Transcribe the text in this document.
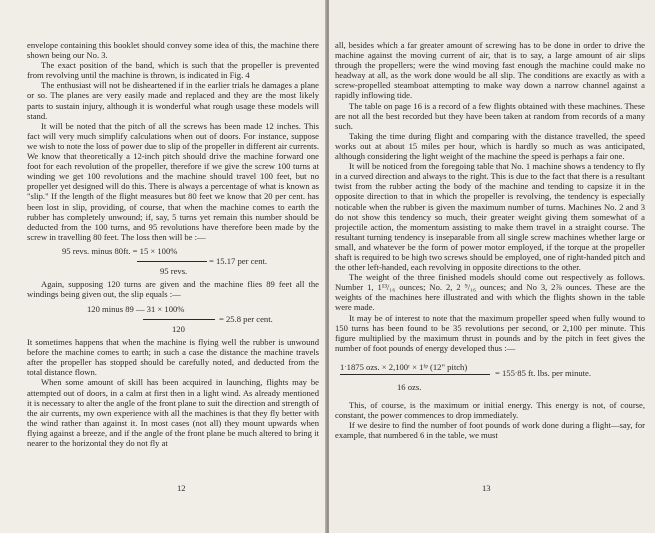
envelope containing this booklet should convey some idea of this, the machine there shown being our No. 3.

The exact position of the band, which is such that the propeller is prevented from revolving until the machine is thrown, is indicated in Fig. 4

The enthusiast will not be disheartened if in the earlier trials he damages a plane or so. The planes are very easily made and replaced and they are the most likely parts to sustain injury, although it is wonderful what rough usage these models will stand.

It will be noted that the pitch of all the screws has been made 12 inches. This fact will very much simplify calculations when out of doors. For instance, suppose we wish to note the loss of power due to slip of the propeller in different air currents. We know that theoretically a 12-inch pitch should drive the machine forward one foot for each revolution of the propeller, therefore if we give the screw 100 turns at winding we get 100 revolutions and the machine should travel 100 feet, but no propeller yet designed will do this. There is always a percentage of what is known as "slip." If the length of the flight measures but 80 feet we know that 20 per cent. has been lost in slip, providing, of course, that when the machine comes to earth the rubber has completely unwound; if, say, 5 turns yet remain this number should be deducted from the 100 turns, and 95 revolutions have therefore been made by the screw in travelling 80 feet. The loss then will be :—

95 revs. minus 80ft. = 15 × 100%
= 15.17 per cent.
95 revs.

Again, supposing 120 turns are given and the machine flies 89 feet all the windings being given out, the slip equals :—

120 minus 89 — 31 × 100%
= 25.8 per cent.
120

It sometimes happens that when the machine is flying well the rubber is unwound before the machine comes to earth; in such a case the distance the machine travels after the propeller has stopped should be carefully noted, and deducted from the total distance flown.

When some amount of skill has been acquired in launching, flights may be attempted out of doors, in a calm at first then in a light wind. As already mentioned it is necessary to alter the angle of the front plane to suit the direction and strength of the air currents, my own experience with all the machines is that they fly better with the wind rather than against it. In most cases (not all) they mount upwards when flying against a breeze, and if the angle of the front plane be much altered to bring it nearer to the horizontal they do not fly at

12

all, besides which a far greater amount of screwing has to be done in order to drive the machine against the moving current of air, that is to say, a large amount of air slips through the propellers; were the wind moving fast enough the machine could make no headway at all, as the work done would be all slip. The conditions are exactly as with a screw-propelled steamboat attempting to make way down a narrow channel against a rapidly inflowing tide.

The table on page 16 is a record of a few flights obtained with these machines. These are not all the best recorded but they have been taken at random from records of a many such.

Taking the time during flight and comparing with the distance travelled, the speed works out at about 15 miles per hour, which is hardly so much as was anticipated, although considering the light weight of the machine the speed is perhaps a fair one.

It will be noticed from the foregoing table that No. 1 machine shows a tendency to fly in a curved direction and always to the right. This is due to the fact that there is a resultant twist from the rubber acting the body of the machine and tending to capsize it in the opposite direction to that in which the propeller is revolving, the tendency is especially noticable when the rubber is given the maximum number of turns. Machines No. 2 and 3 do not show this tendency so much, their greater weight giving them somewhat of a projectile action, the momentum assisting to make them travel in a straight course. The resultant turning tendency is inseparable from all single screw machines whether large or small, and whatever be the form of power motor employed, if the torque at the propeller shaft is required to be high two screws should be employed, one of right-handed pitch and the other left-handed, each revolving in opposite directions to the other.

The weight of the three finished models should come out respectively as follows. Number 1, 1¹³/₁₆ ounces; No. 2, 2 ⁹/₁₆ ounces; and No 3, 2⅞ ounces. These are the weights of the machines here illustrated and with which the flights shown in the table were made.

It may be of interest to note that the maximum propeller speed when fully wound to 150 turns has been found to be 35 revolutions per second, or 2,100 per minute. This figure multiplied by the maximum thrust in pounds and by the pitch in feet gives the number of foot pounds of energy developed thus :—

1ˑ1875 ozs. × 2,100ʳ × 1ᶠᵖ (12" pitch)
= 155ˑ85 ft. lbs. per minute.
16 ozs.

This, of course, is the maximum or initial energy. This energy is not, of course, constant, the power commences to drop immediately.

If we desire to find the number of foot pounds of work done during a flight—say, for example, that numbered 6 in the table, we must

13
